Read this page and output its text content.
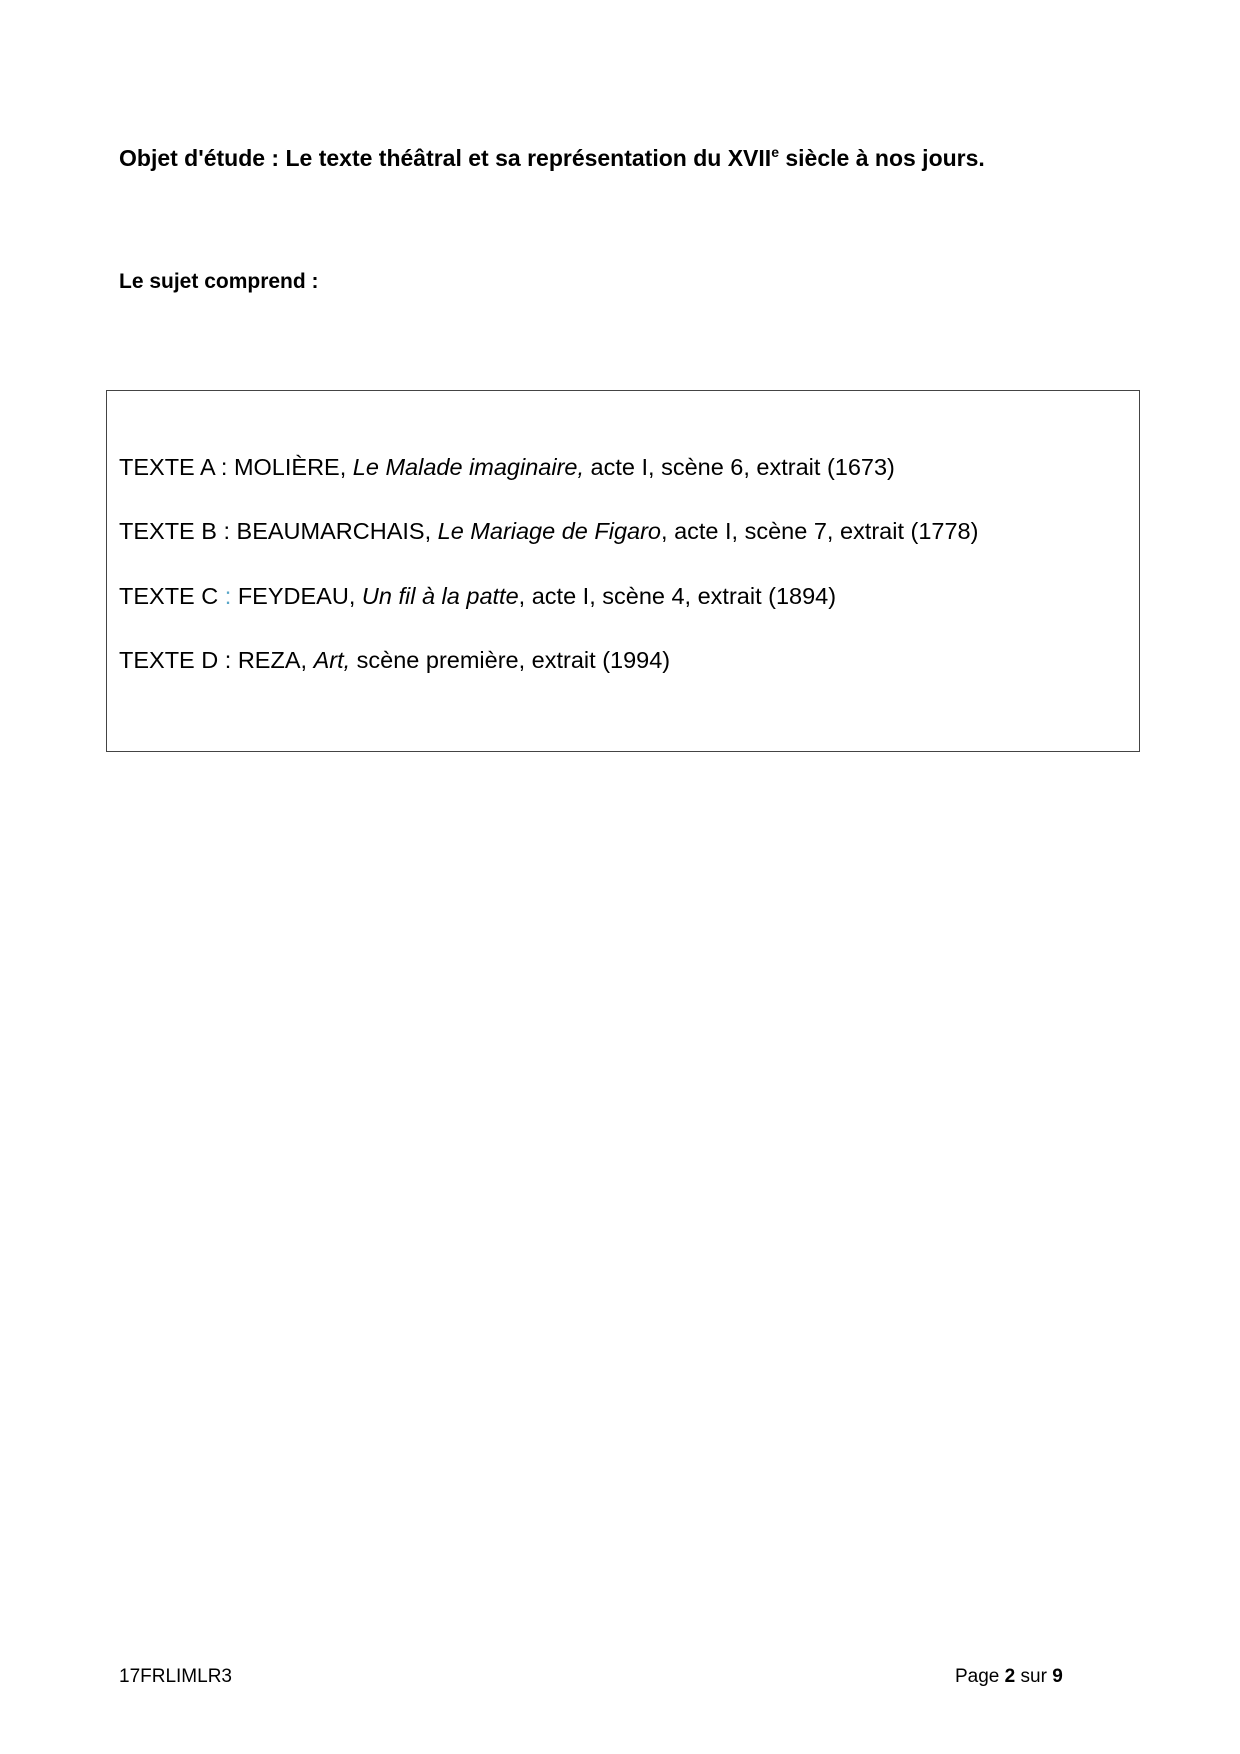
Objet d'étude : Le texte théâtral et sa représentation du XVIIe siècle à nos jours.
Le sujet comprend :
TEXTE A : MOLIÈRE, Le Malade imaginaire, acte I, scène 6, extrait (1673)
TEXTE B : BEAUMARCHAIS, Le Mariage de Figaro, acte I, scène 7, extrait (1778)
TEXTE C : FEYDEAU, Un fil à la patte, acte I, scène 4, extrait (1894)
TEXTE D : REZA, Art, scène première, extrait (1994)
17FRLIMLR3	Page 2 sur 9
